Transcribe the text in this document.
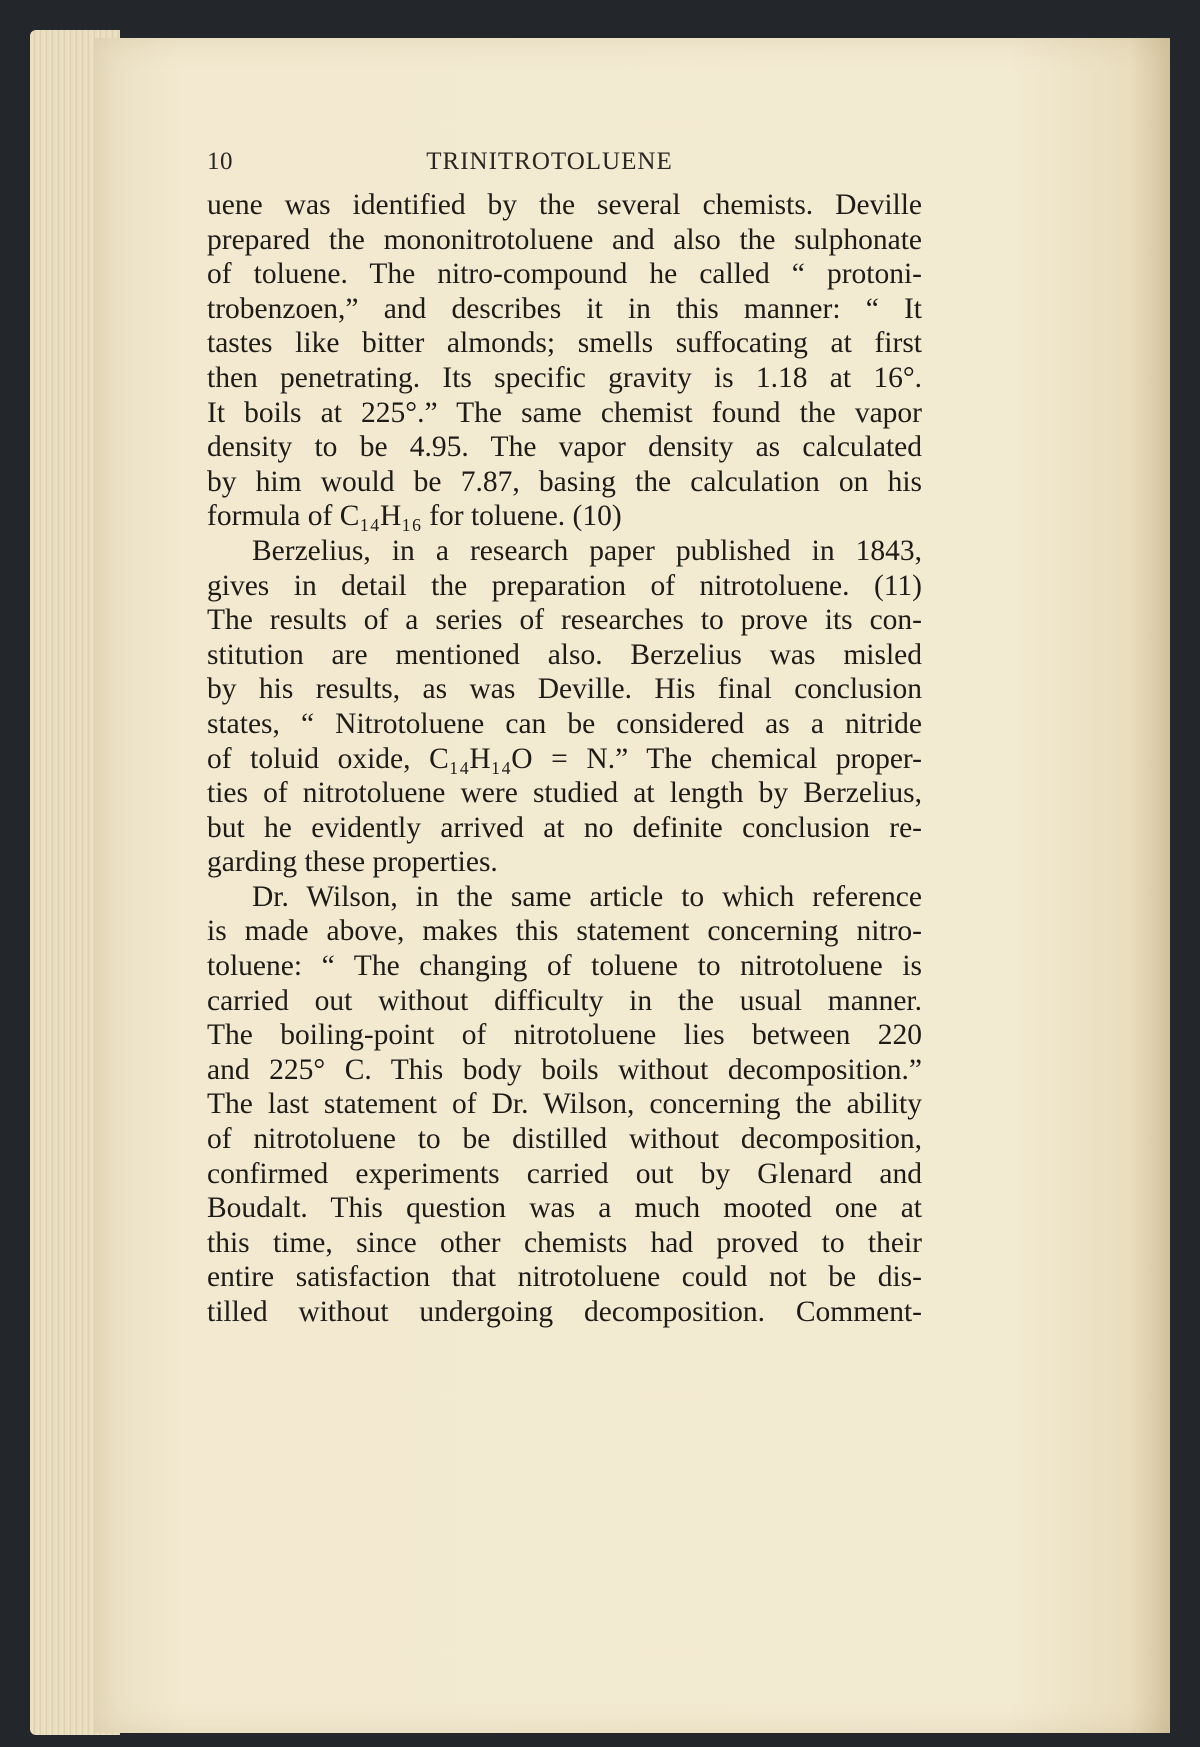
10	TRINITROTOLUENE
uene was identified by the several chemists. Deville
prepared the mononitrotoluene and also the sulphonate
of toluene. The nitro-compound he called “ protoni-
trobenzoen,” and describes it in this manner: “ It
tastes like bitter almonds; smells suffocating at first
then penetrating. Its specific gravity is 1.18 at 16°.
It boils at 225°.” The same chemist found the vapor
density to be 4.95. The vapor density as calculated
by him would be 7.87, basing the calculation on his
formula of C₁₄H₁₆ for toluene. (10)
Berzelius, in a research paper published in 1843,
gives in detail the preparation of nitrotoluene. (11)
The results of a series of researches to prove its con-
stitution are mentioned also. Berzelius was misled
by his results, as was Deville. His final conclusion
states, “ Nitrotoluene can be considered as a nitride
of toluid oxide, C₁₄H₁₄O = N.” The chemical proper-
ties of nitrotoluene were studied at length by Berzelius,
but he evidently arrived at no definite conclusion re-
garding these properties.
Dr. Wilson, in the same article to which reference
is made above, makes this statement concerning nitro-
toluene: “ The changing of toluene to nitrotoluene is
carried out without difficulty in the usual manner.
The boiling-point of nitrotoluene lies between 220
and 225° C. This body boils without decomposition.”
The last statement of Dr. Wilson, concerning the ability
of nitrotoluene to be distilled without decomposition,
confirmed experiments carried out by Glenard and
Boudalt. This question was a much mooted one at
this time, since other chemists had proved to their
entire satisfaction that nitrotoluene could not be dis-
tilled without undergoing decomposition. Comment-
